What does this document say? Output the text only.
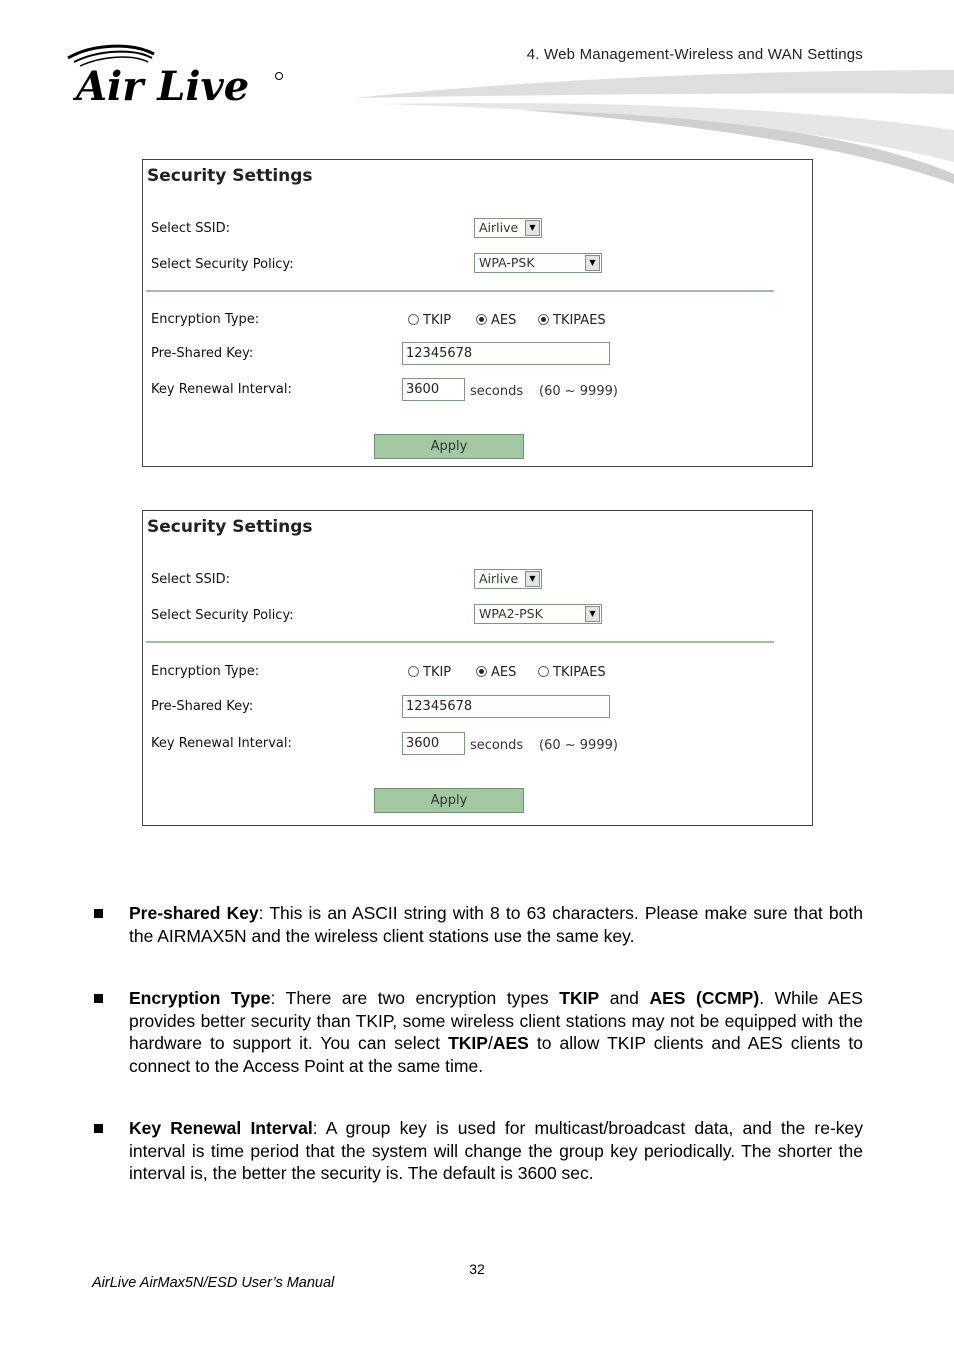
Air Live
4. Web Management-Wireless and WAN Settings
Security Settings
Select SSID:	Airlive	▼
Select Security Policy:	WPA-PSK	▼
Encryption Type:	TKIP	AES	TKIPAES
Pre-Shared Key:	12345678
Key Renewal Interval:	3600	seconds (60 ~ 9999)
Apply
Security Settings
Select SSID:	Airlive	▼
Select Security Policy:	WPA2-PSK	▼
Encryption Type:	TKIP	AES	TKIPAES
Pre-Shared Key:	12345678
Key Renewal Interval:	3600	seconds (60 ~ 9999)
Apply

Pre-shared Key: This is an ASCII string with 8 to 63 characters. Please make sure that both the AIRMAX5N and the wireless client stations use the same key.

Encryption Type: There are two encryption types TKIP and AES (CCMP). While AES provides better security than TKIP, some wireless client stations may not be equipped with the hardware to support it. You can select TKIP/AES to allow TKIP clients and AES clients to connect to the Access Point at the same time.

Key Renewal Interval: A group key is used for multicast/broadcast data, and the re-key interval is time period that the system will change the group key periodically. The shorter the interval is, the better the security is. The default is 3600 sec.

32
AirLive AirMax5N/ESD User’s Manual
